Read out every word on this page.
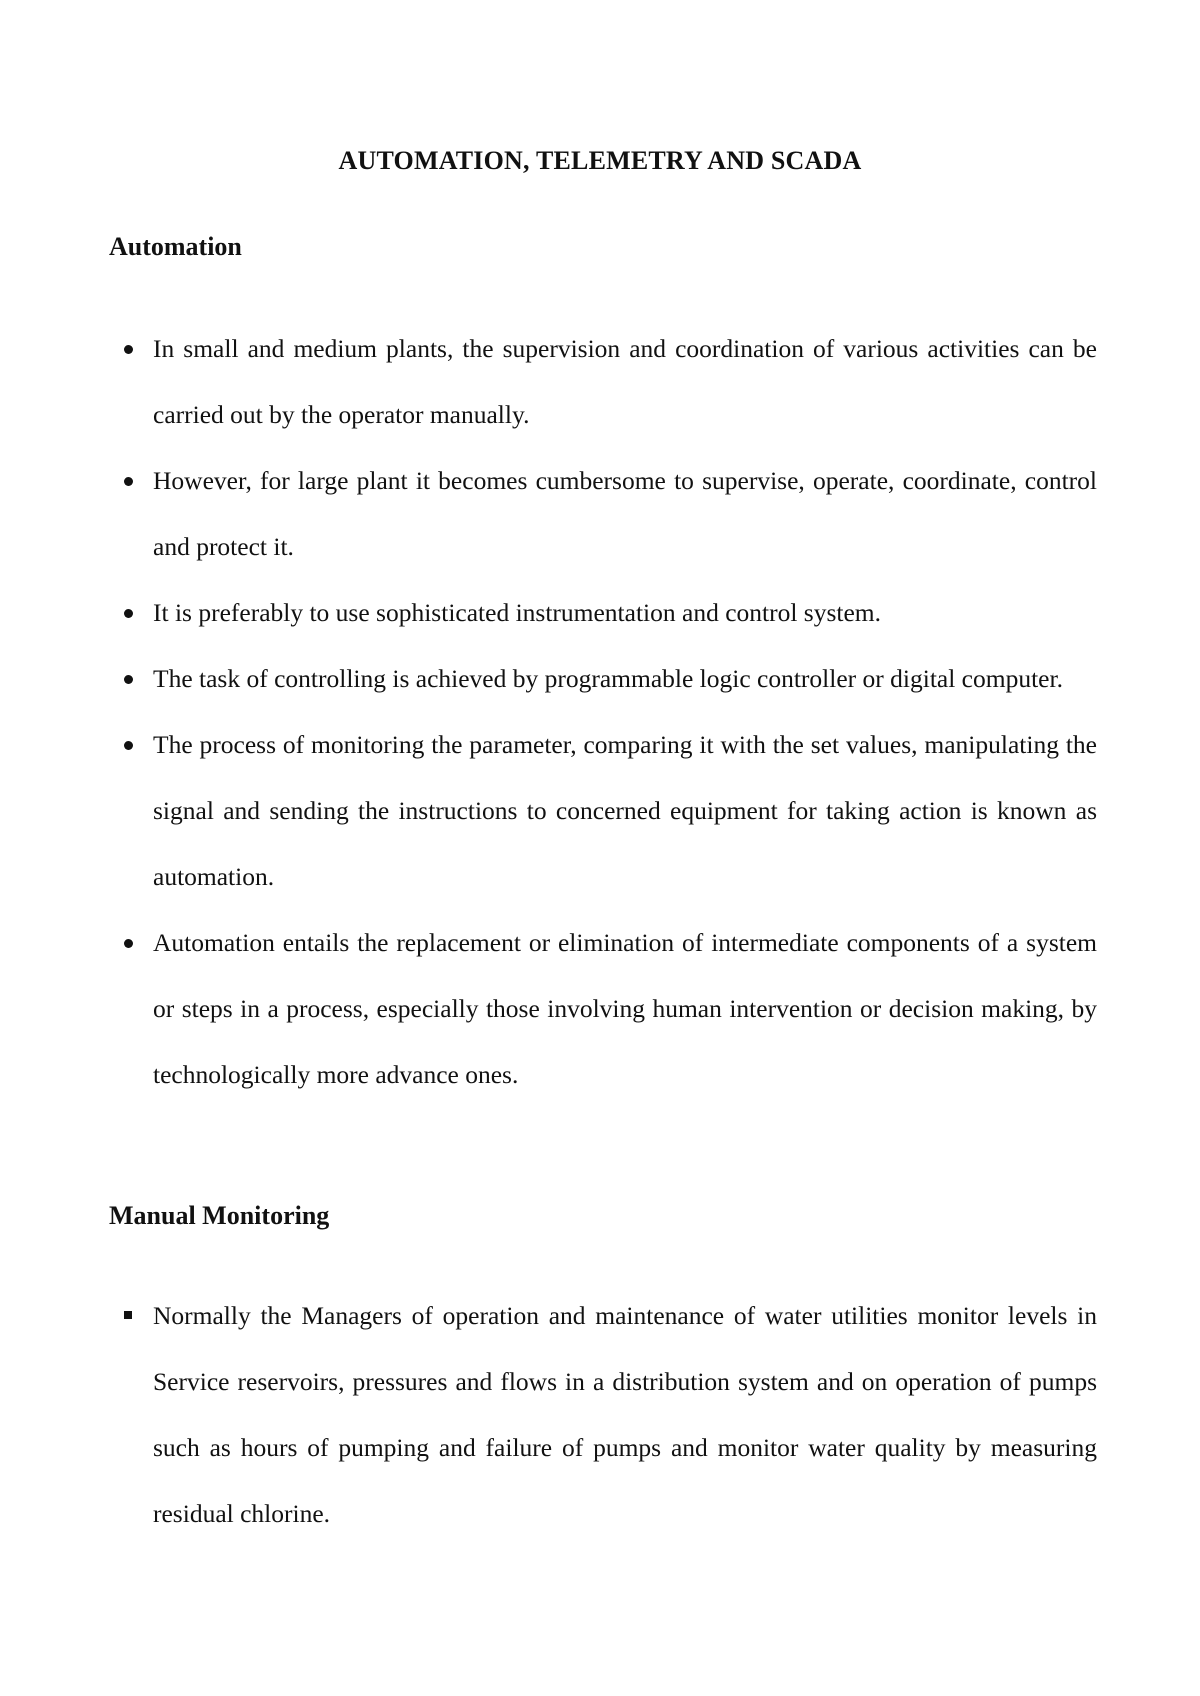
AUTOMATION, TELEMETRY AND SCADA
Automation
In small and medium plants, the supervision and coordination of various activities can be carried out by the operator manually.
However, for large plant it becomes cumbersome to supervise, operate, coordinate, control and protect it.
It is preferably to use sophisticated instrumentation and control system.
The task of controlling is achieved by programmable logic controller or digital computer.
The process of monitoring the parameter, comparing it with the set values, manipulating the signal and sending the instructions to concerned equipment for taking action is known as automation.
Automation entails the replacement or elimination of intermediate components of a system or steps in a process, especially those involving human intervention or decision making, by technologically more advance ones.
Manual Monitoring
Normally the Managers of operation and maintenance of water utilities monitor levels in Service reservoirs, pressures and flows in a distribution system and on operation of pumps such as hours of pumping and failure of pumps and monitor water quality by measuring residual chlorine.
